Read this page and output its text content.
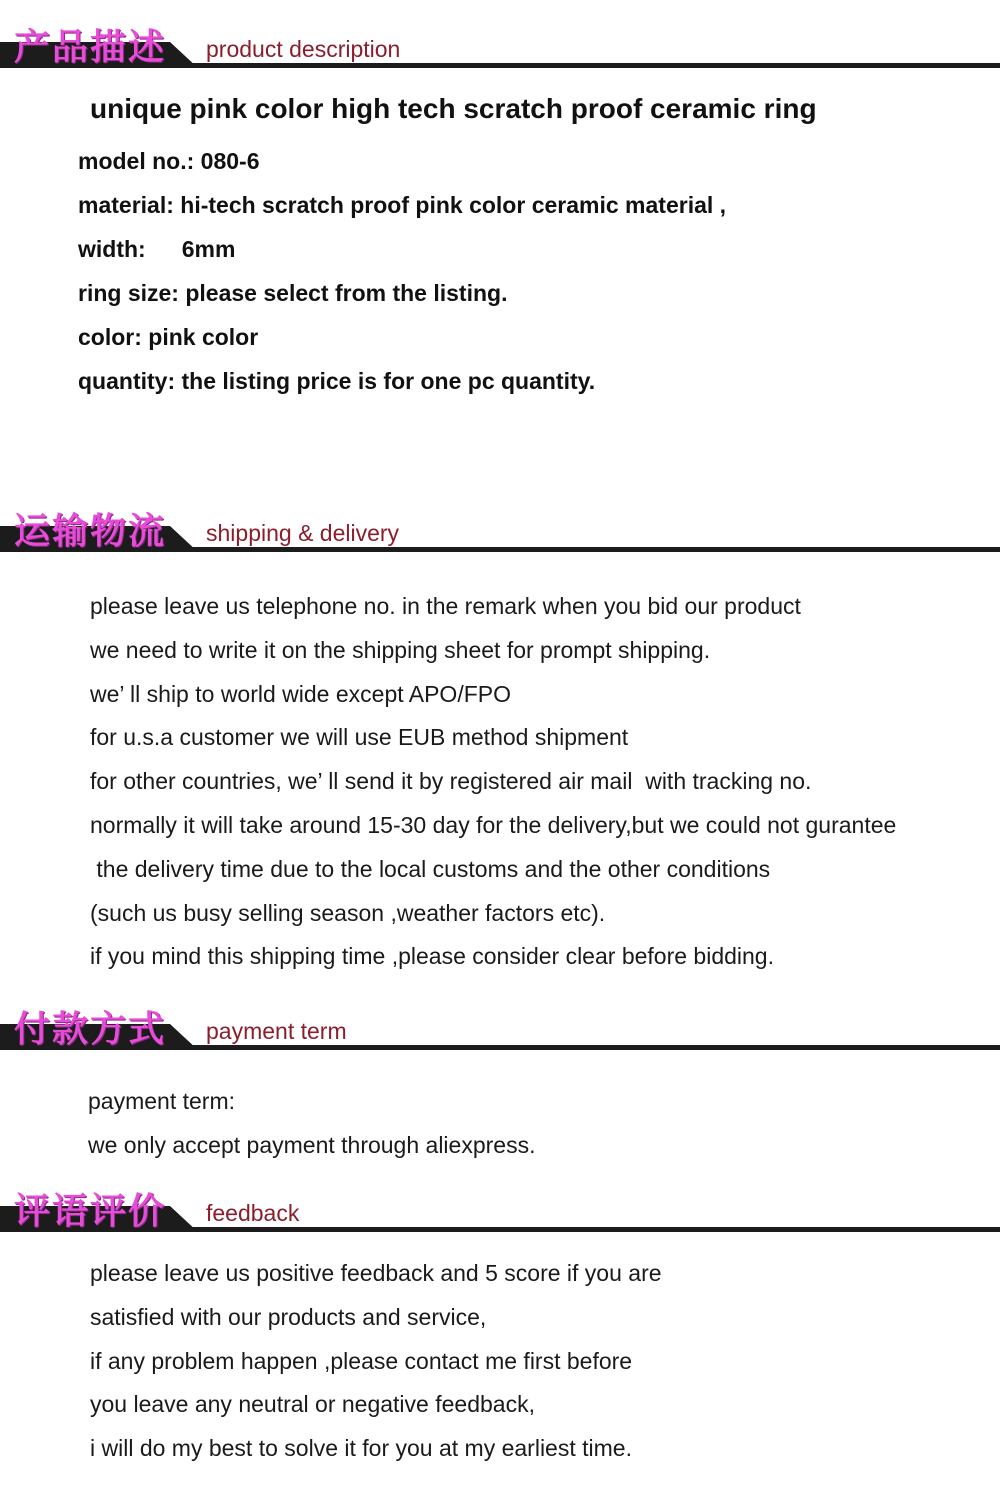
产品描述 product description
unique pink color high tech scratch proof ceramic ring
model no.: 080-6
material: hi-tech scratch proof pink color ceramic material ,
width: 6mm
ring size: please select from the listing.
color: pink color
quantity: the listing price is for one pc quantity.
运输物流 shipping & delivery
please leave us telephone no. in the remark when you bid our product
we need to write it on the shipping sheet for prompt shipping.
we’ ll ship to world wide except APO/FPO
for u.s.a customer we will use EUB method shipment
for other countries, we’ ll send it by registered air mail  with tracking no.
normally it will take around 15-30 day for the delivery,but we could not gurantee
the delivery time due to the local customs and the other conditions
(such us busy selling season ,weather factors etc).
if you mind this shipping time ,please consider clear before bidding.
付款方式 payment term
payment term:
we only accept payment through aliexpress.
评语评价 feedback
please leave us positive feedback and 5 score if you are
satisfied with our products and service,
if any problem happen ,please contact me first before
you leave any neutral or negative feedback,
i will do my best to solve it for you at my earliest time.
